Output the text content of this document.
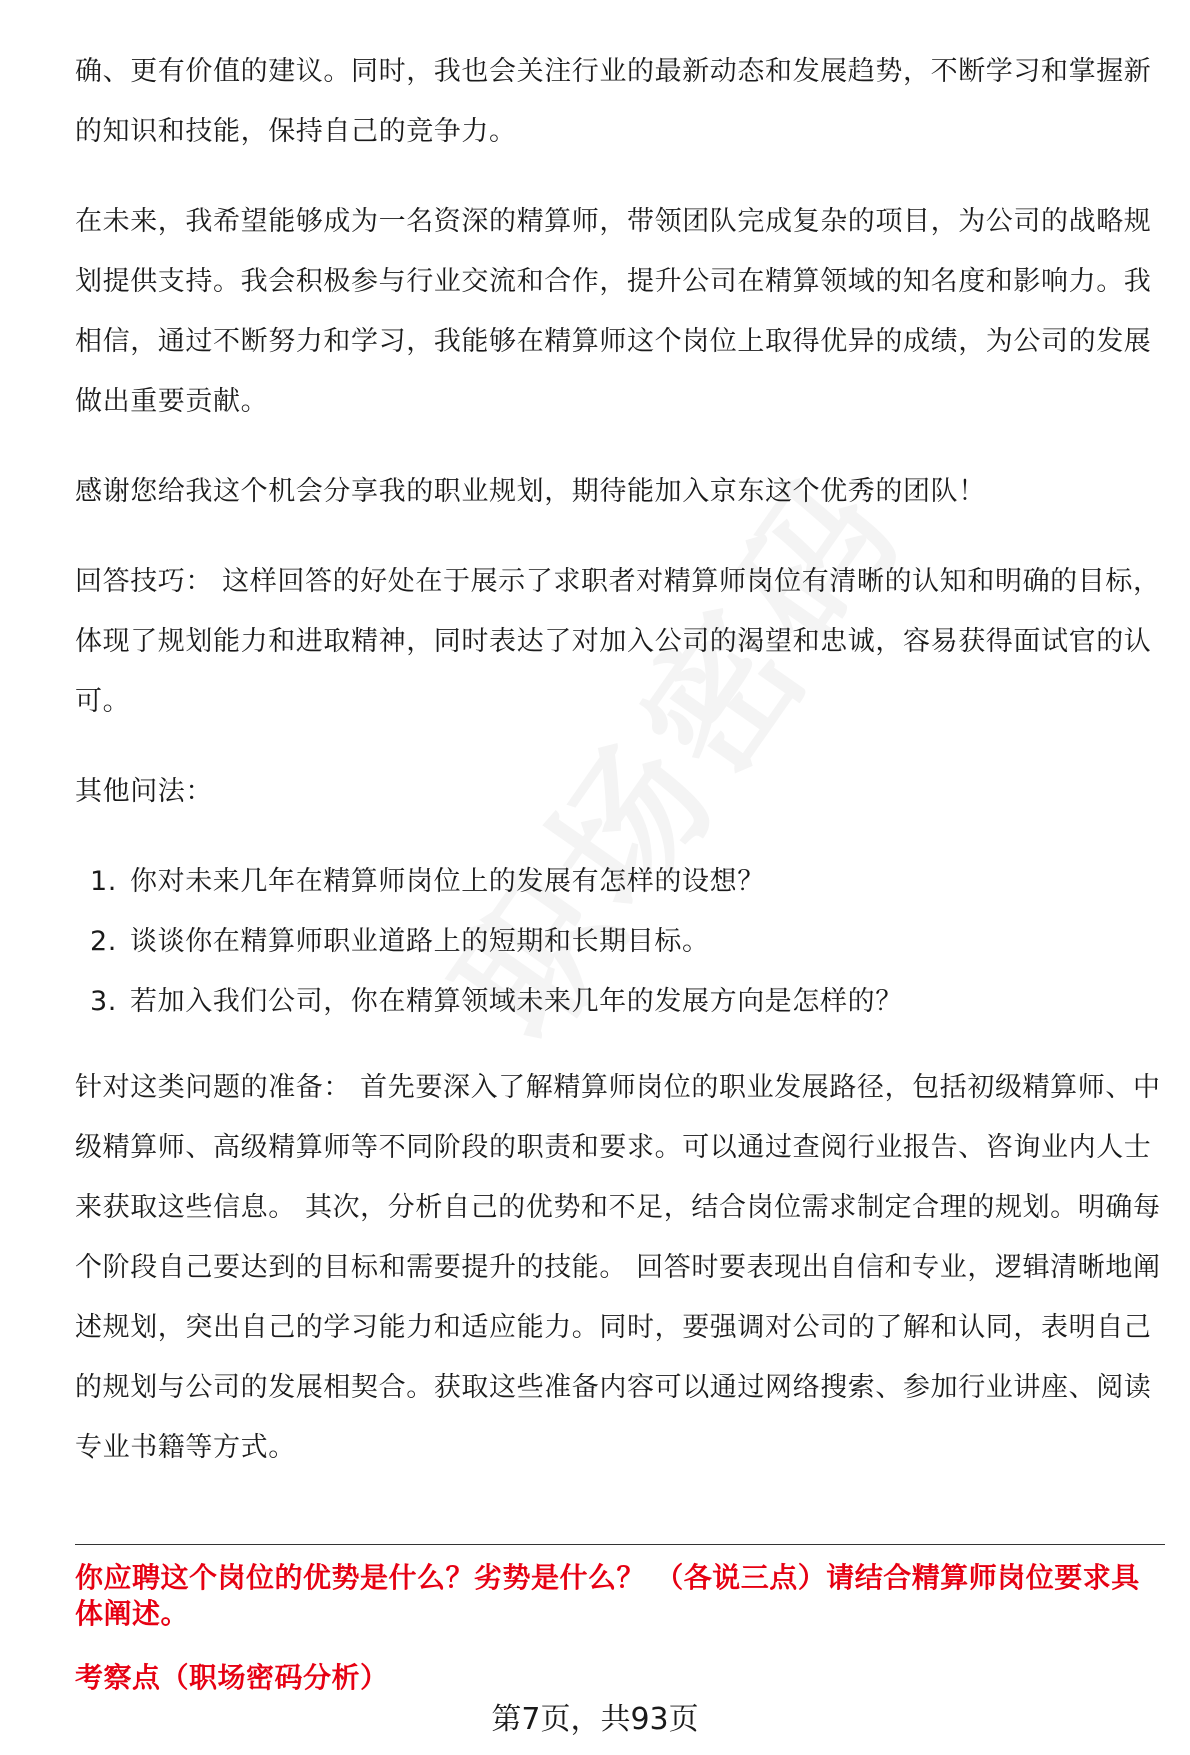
确、更有价值的建议。同时，我也会关注行业的最新动态和发展趋势，不断学习和掌握新的知识和技能，保持自己的竞争力。

在未来，我希望能够成为一名资深的精算师，带领团队完成复杂的项目，为公司的战略规划提供支持。我会积极参与行业交流和合作，提升公司在精算领域的知名度和影响力。我相信，通过不断努力和学习，我能够在精算师这个岗位上取得优异的成绩，为公司的发展做出重要贡献。

感谢您给我这个机会分享我的职业规划，期待能加入京东这个优秀的团队！

回答技巧： 这样回答的好处在于展示了求职者对精算师岗位有清晰的认知和明确的目标，体现了规划能力和进取精神，同时表达了对加入公司的渴望和忠诚，容易获得面试官的认可。

其他问法：

1. 你对未来几年在精算师岗位上的发展有怎样的设想？
2. 谈谈你在精算师职业道路上的短期和长期目标。
3. 若加入我们公司，你在精算领域未来几年的发展方向是怎样的？

针对这类问题的准备： 首先要深入了解精算师岗位的职业发展路径，包括初级精算师、中级精算师、高级精算师等不同阶段的职责和要求。可以通过查阅行业报告、咨询业内人士来获取这些信息。 其次，分析自己的优势和不足，结合岗位需求制定合理的规划。明确每个阶段自己要达到的目标和需要提升的技能。 回答时要表现出自信和专业，逻辑清晰地阐述规划，突出自己的学习能力和适应能力。同时，要强调对公司的了解和认同，表明自己的规划与公司的发展相契合。获取这些准备内容可以通过网络搜索、参加行业讲座、阅读专业书籍等方式。

你应聘这个岗位的优势是什么？劣势是什么？ （各说三点）请结合精算师岗位要求具体阐述。
考察点（职场密码分析）
第7页，共93页
